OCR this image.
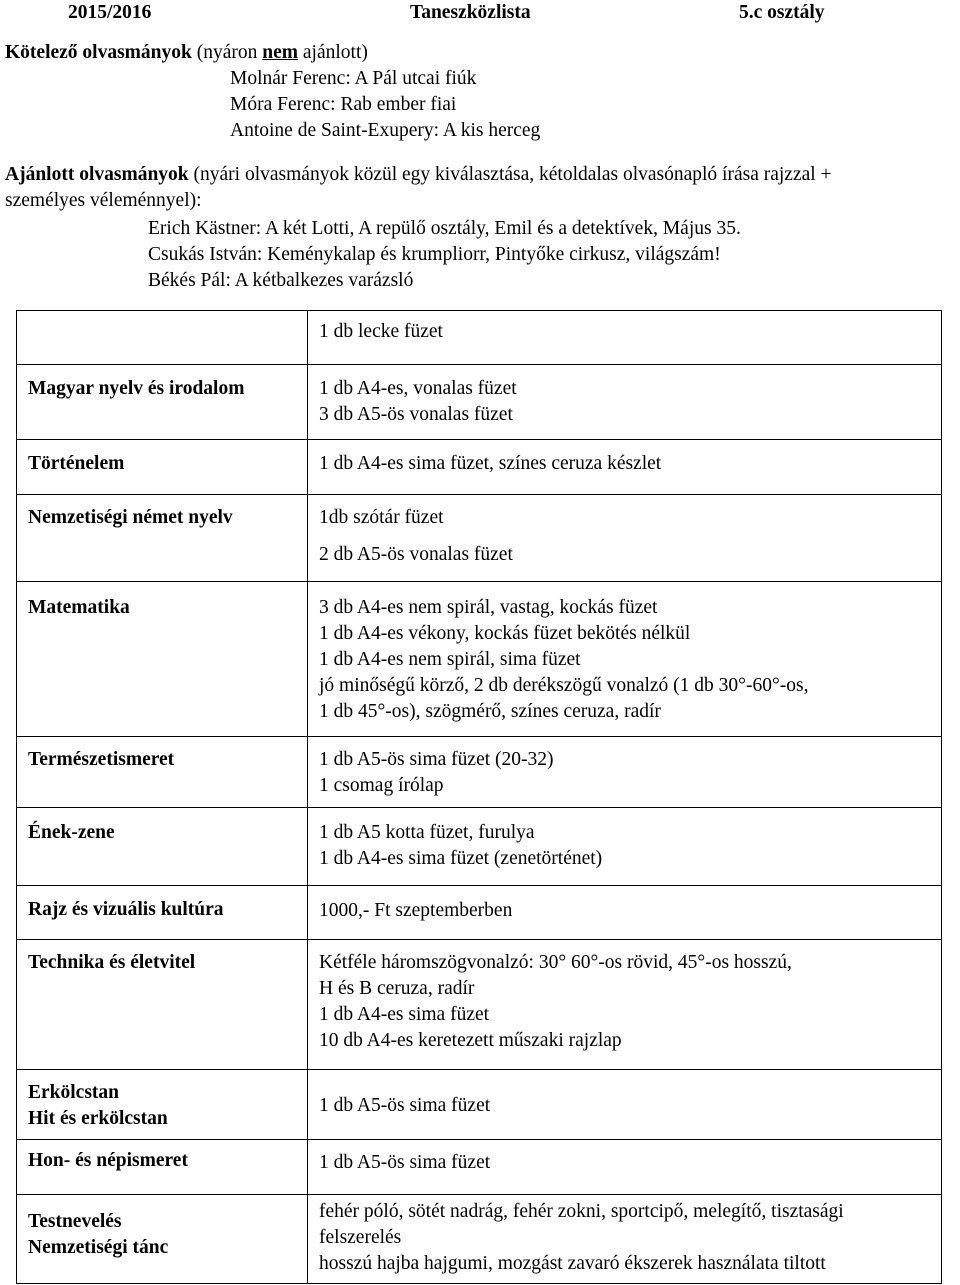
2015/2016	Taneszközlista	5.c osztály
Kötelező olvasmányok (nyáron nem ajánlott)
Molnár Ferenc: A Pál utcai fiúk
Móra Ferenc: Rab ember fiai
Antoine de Saint-Exupery: A kis herceg
Ajánlott olvasmányok (nyári olvasmányok közül egy kiválasztása, kétoldalas olvasónapló írása rajzzal +
személyes véleménnyel):
Erich Kästner: A két Lotti, A repülő osztály, Emil és a detektívek, Május 35.
Csukás István: Keménykalap és krumpliorr, Pintyőke cirkusz, világszám!
Békés Pál: A kétbalkezes varázsló

	1 db lecke füzet

Magyar nyelv és irodalom	1 db A4-es, vonalas füzet
3 db A5-ös vonalas füzet

Történelem	1 db A4-es sima füzet, színes ceruza készlet

Nemzetiségi német nyelv	1db szótár füzet
2 db A5-ös vonalas füzet

Matematika	3 db A4-es nem spirál, vastag, kockás füzet
1 db A4-es vékony, kockás füzet bekötés nélkül
1 db A4-es nem spirál, sima füzet
jó minőségű körző, 2 db derékszögű vonalzó (1 db 30°-60°-os,
1 db 45°-os), szögmérő, színes ceruza, radír

Természetismeret	1 db A5-ös sima füzet (20-32)
1 csomag írólap

Ének-zene	1 db A5 kotta füzet, furulya
1 db A4-es sima füzet (zenetörténet)

Rajz és vizuális kultúra	1000,- Ft szeptemberben

Technika és életvitel	Kétféle háromszögvonalzó: 30° 60°-os rövid, 45°-os hosszú,
H és B ceruza, radír
1 db A4-es sima füzet
10 db A4-es keretezett műszaki rajzlap

Erkölcstan
Hit és erkölcstan	1 db A5-ös sima füzet

Hon- és népismeret	1 db A5-ös sima füzet

Testnevelés
Nemzetiségi tánc	fehér póló, sötét nadrág, fehér zokni, sportcipő, melegítő, tisztasági
felszerelés
hosszú hajba hajgumi, mozgást zavaró ékszerek használata tiltott
